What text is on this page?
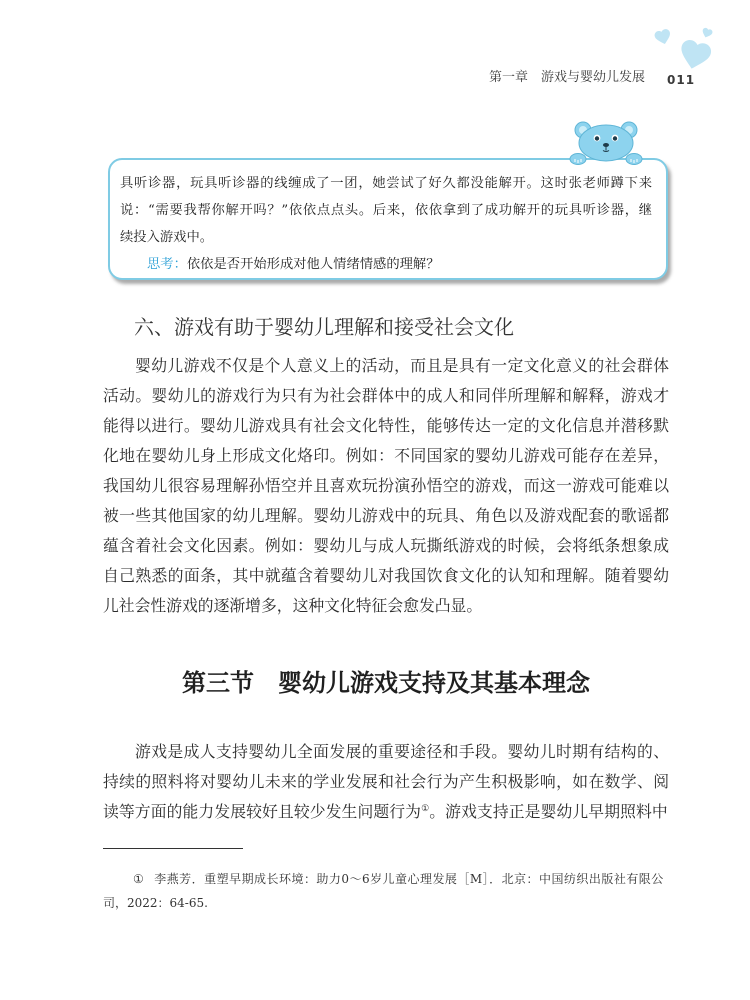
第一章　游戏与婴幼儿发展 011
具听诊器，玩具听诊器的线缠成了一团，她尝试了好久都没能解开。这时张老师蹲下来
说：“需要我帮你解开吗？”依依点点头。后来，依依拿到了成功解开的玩具听诊器，继
续投入游戏中。
思考：依依是否开始形成对他人情绪情感的理解？
六、游戏有助于婴幼儿理解和接受社会文化
婴幼儿游戏不仅是个人意义上的活动，而且是具有一定文化意义的社会群体
活动。婴幼儿的游戏行为只有为社会群体中的成人和同伴所理解和解释，游戏才
能得以进行。婴幼儿游戏具有社会文化特性，能够传达一定的文化信息并潜移默
化地在婴幼儿身上形成文化烙印。例如：不同国家的婴幼儿游戏可能存在差异，
我国幼儿很容易理解孙悟空并且喜欢玩扮演孙悟空的游戏，而这一游戏可能难以
被一些其他国家的幼儿理解。婴幼儿游戏中的玩具、角色以及游戏配套的歌谣都
蕴含着社会文化因素。例如：婴幼儿与成人玩撕纸游戏的时候，会将纸条想象成
自己熟悉的面条，其中就蕴含着婴幼儿对我国饮食文化的认知和理解。随着婴幼
儿社会性游戏的逐渐增多，这种文化特征会愈发凸显。
第三节　婴幼儿游戏支持及其基本理念
游戏是成人支持婴幼儿全面发展的重要途径和手段。婴幼儿时期有结构的、
持续的照料将对婴幼儿未来的学业发展和社会行为产生积极影响，如在数学、阅
读等方面的能力发展较好且较少发生问题行为①。游戏支持正是婴幼儿早期照料中
① 李燕芳．重塑早期成长环境：助力0～6岁儿童心理发展［M］．北京：中国纺织出版社有限公
司，2022：64-65.
